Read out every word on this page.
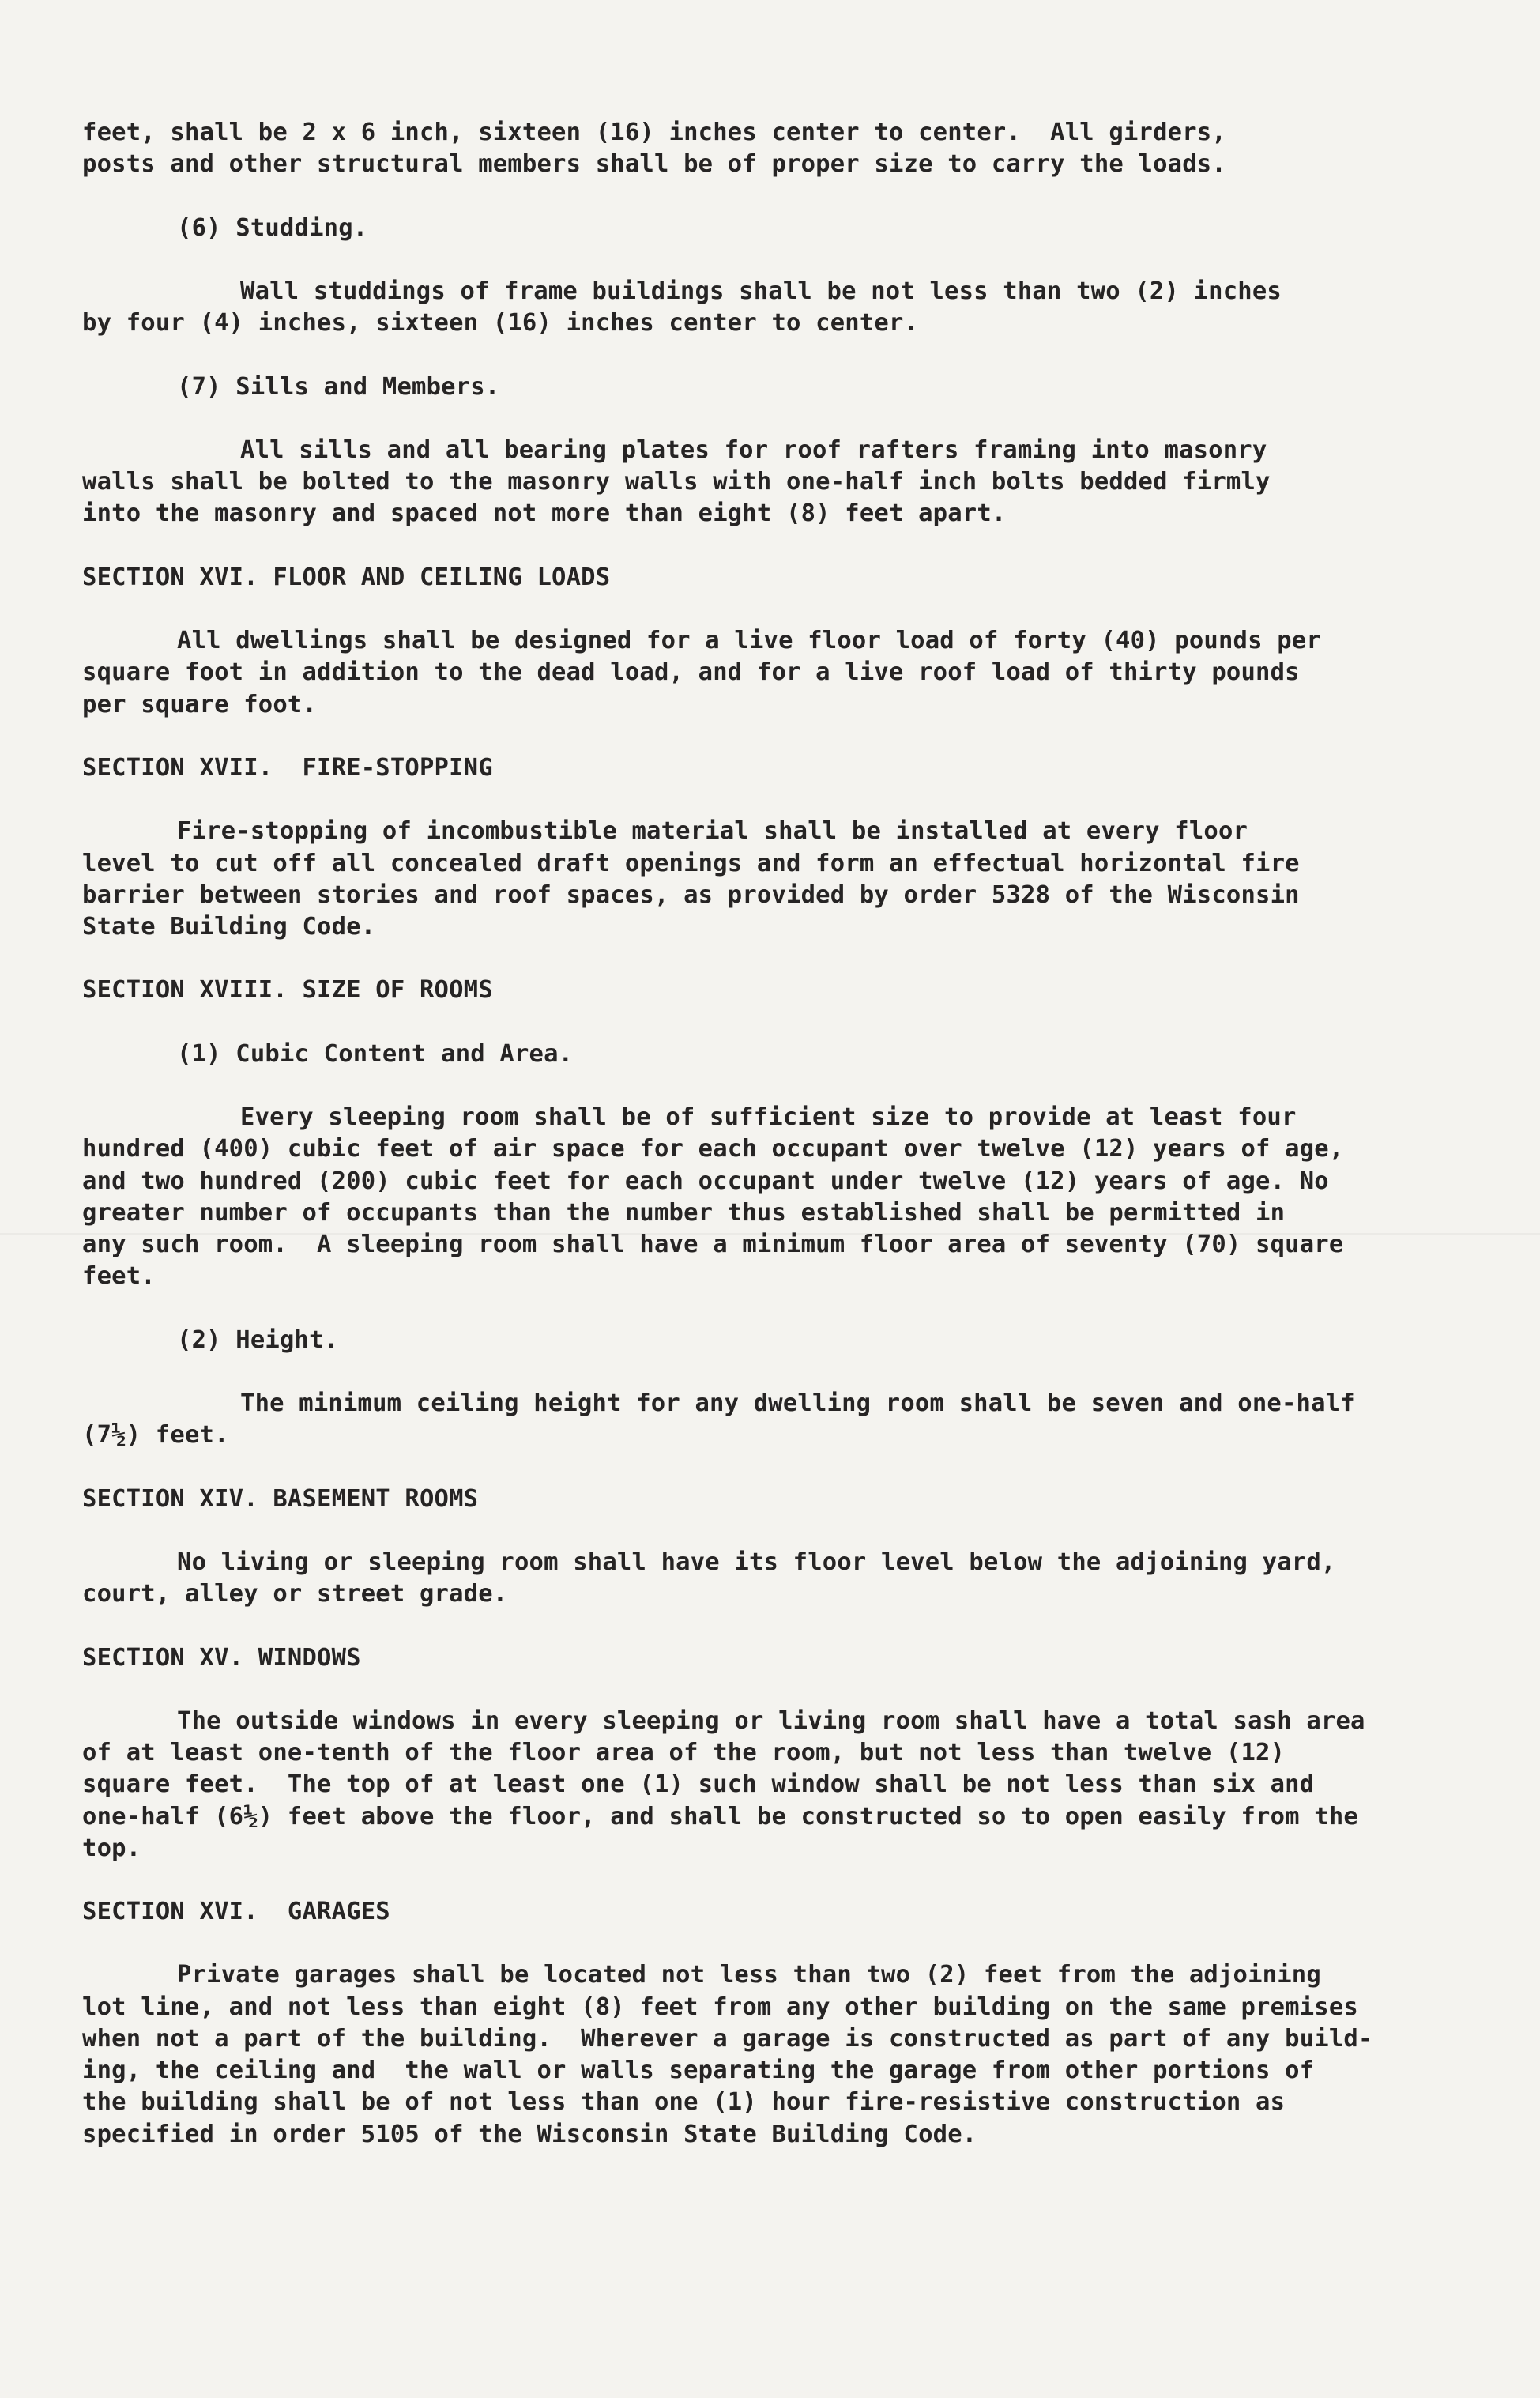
feet, shall be 2 x 6 inch, sixteen (16) inches center to center.  All girders,
posts and other structural members shall be of proper size to carry the loads.
(6) Studding.
Wall studdings of frame buildings shall be not less than two (2) inches
by four (4) inches, sixteen (16) inches center to center.
(7) Sills and Members.
All sills and all bearing plates for roof rafters framing into masonry
walls shall be bolted to the masonry walls with one-half inch bolts bedded firmly
into the masonry and spaced not more than eight (8) feet apart.
SECTION XVI. FLOOR AND CEILING LOADS
All dwellings shall be designed for a live floor load of forty (40) pounds per
square foot in addition to the dead load, and for a live roof load of thirty pounds
per square foot.
SECTION XVII.  FIRE-STOPPING
Fire-stopping of incombustible material shall be installed at every floor
level to cut off all concealed draft openings and form an effectual horizontal fire
barrier between stories and roof spaces, as provided by order 5328 of the Wisconsin
State Building Code.
SECTION XVIII. SIZE OF ROOMS
(1) Cubic Content and Area.
Every sleeping room shall be of sufficient size to provide at least four
hundred (400) cubic feet of air space for each occupant over twelve (12) years of age,
and two hundred (200) cubic feet for each occupant under twelve (12) years of age. No
greater number of occupants than the number thus established shall be permitted in
any such room.  A sleeping room shall have a minimum floor area of seventy (70) square
feet.
(2) Height.
The minimum ceiling height for any dwelling room shall be seven and one-half
(7½) feet.
SECTION XIV. BASEMENT ROOMS
No living or sleeping room shall have its floor level below the adjoining yard,
court, alley or street grade.
SECTION XV. WINDOWS
The outside windows in every sleeping or living room shall have a total sash area
of at least one-tenth of the floor area of the room, but not less than twelve (12)
square feet.  The top of at least one (1) such window shall be not less than six and
one-half (6½) feet above the floor, and shall be constructed so to open easily from the
top.
SECTION XVI.  GARAGES
Private garages shall be located not less than two (2) feet from the adjoining
lot line, and not less than eight (8) feet from any other building on the same premises
when not a part of the building.  Wherever a garage is constructed as part of any build-
ing, the ceiling and  the wall or walls separating the garage from other portions of
the building shall be of not less than one (1) hour fire-resistive construction as
specified in order 5105 of the Wisconsin State Building Code.
